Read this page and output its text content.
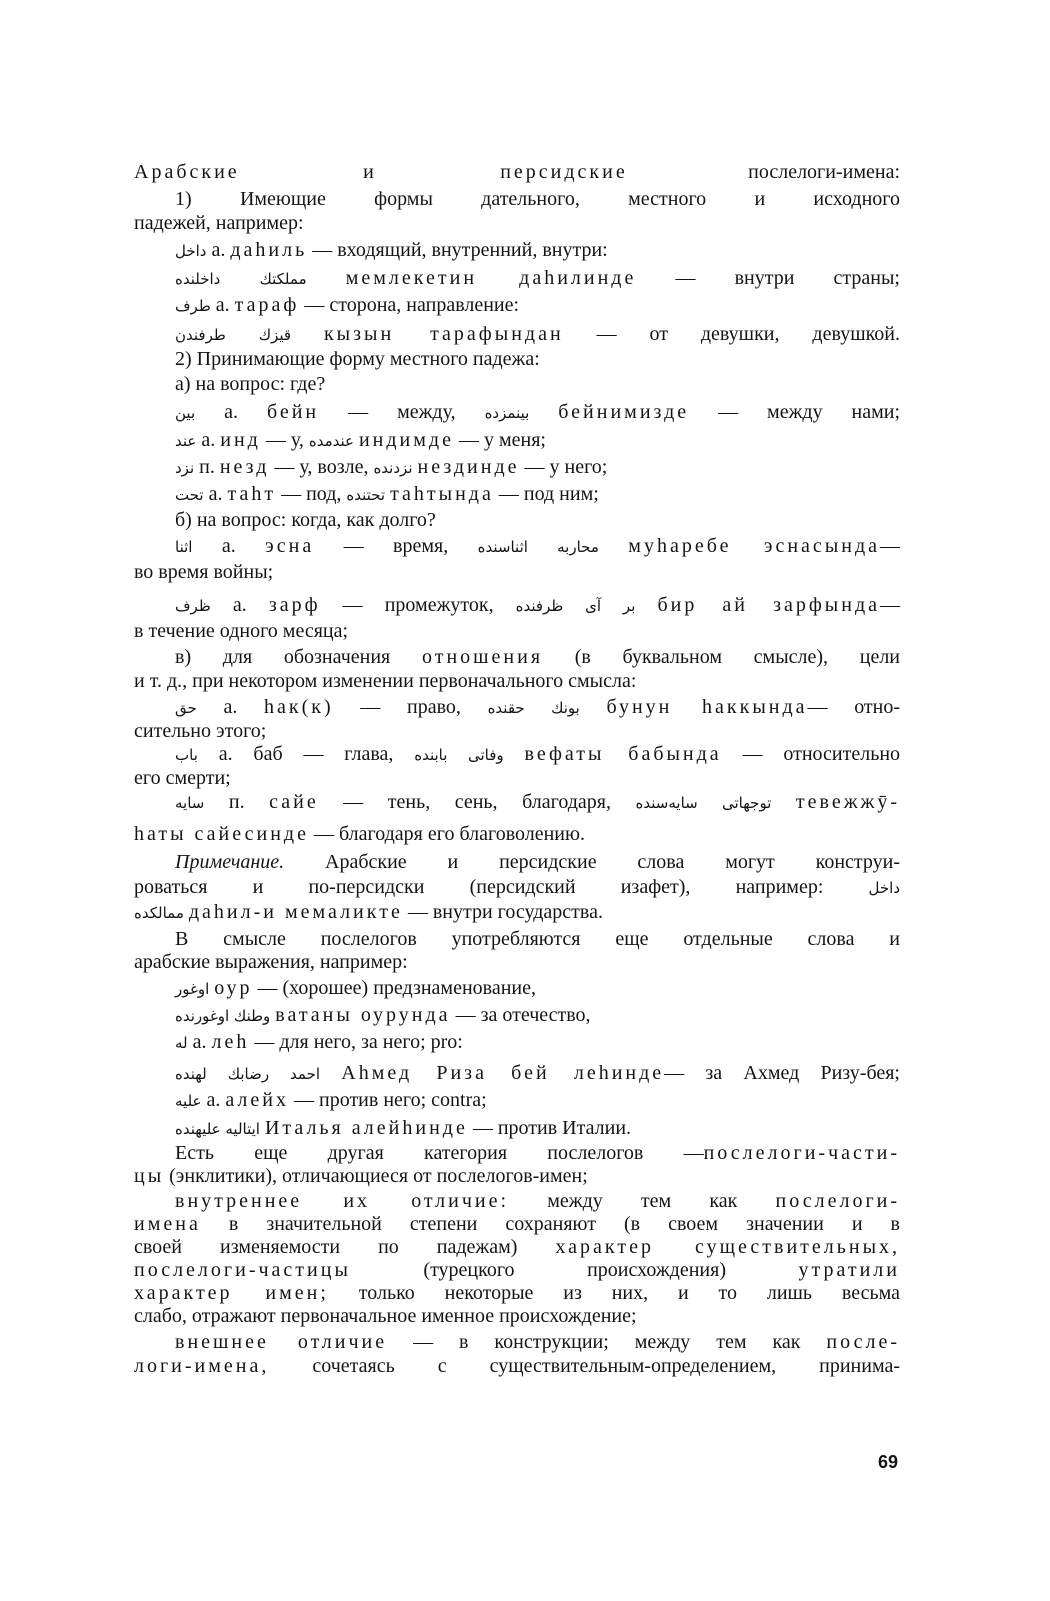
Арабские и персидские	послелоги-имена:
1) Имеющие формы дательного, местного и исходного
падежей, например:
داخل а. даhиль — входящий, внутренний, внутри:
داخلنده	مملكتك мемлекетин даhилинде — внутри страны;
طرف а. тараф — сторона, направление:
طرفندن قیزك кызын тарафындан — от девушки, девушкой.
2) Принимающие форму местного падежа:
а) на вопрос: где?
بین а. бейн — между, بینمزده бейнимизде — между нами;
عند а. инд — у, عندمده индимде — у меня;
نزد п. незд — у, возле, نزدنده нездинде — у него;
تحت а. таhт — под, تحتنده таhтында — под ним;
б) на вопрос: когда, как долго?
اثنا а. эсна — время, محاربه اثناسنده муhаребе эснасында—
во время войны;
ظرف а. зарф — промежуток, بر آی ظرفنده бир ай зарфында—
в течение одного месяца;
в) для обозначения отношения (в буквальном смысле), цели
и т. д., при некотором изменении первоначального смысла:
حق а. hак(к) — право, بونك حقنده бунун hаккында— отно-
сительно этого;
باب а. баб — глава, وفاتی بابنده вефаты бабында — относительно
его смерти;
سایه п. сайе — тень, сень, благодаря, توجهاتی سایه‌سنده тевежжӯ-
hаты сайесинде — благодаря его благоволению.
Примечание. Арабские и персидские слова могут конструи-
роваться и по-персидски (персидский изафет), например:	داخل
ممالکده даhил-и мемаликте — внутри государства.
В смысле послелогов употребляются еще отдельные слова и
арабские выражения, например:
اوغور оур — (хорошее) предзнаменование,
وطنك اوغورنده ватаны оурунда — за отечество,
له а. леh — для него, за него; pro:
احمد رضابك لهنده Аhмед Риза бей леhинде— за Ахмед Ризу-бея;
علیه а. алейх — против него; contra;
ایتالیه علیهنده Италья алейhинде — против Италии.
Есть еще другая категория послелогов —послелоги-части-
цы (энклитики), отличающиеся от послелогов-имен;
внутреннее их отличие: между тем как послелоги-
имена в значительной степени сохраняют (в своем значении и в
своей изменяемости по падежам) характер существительных,
послелоги-частицы	(турецкого происхождения)	утратили
характер имен; только некоторые из них, и то лишь весьма
слабо, отражают первоначальное именное происхождение;
внешнее отличие — в конструкции; между тем как после-
логи-имена, сочетаясь с существительным-определением, принима-
69
